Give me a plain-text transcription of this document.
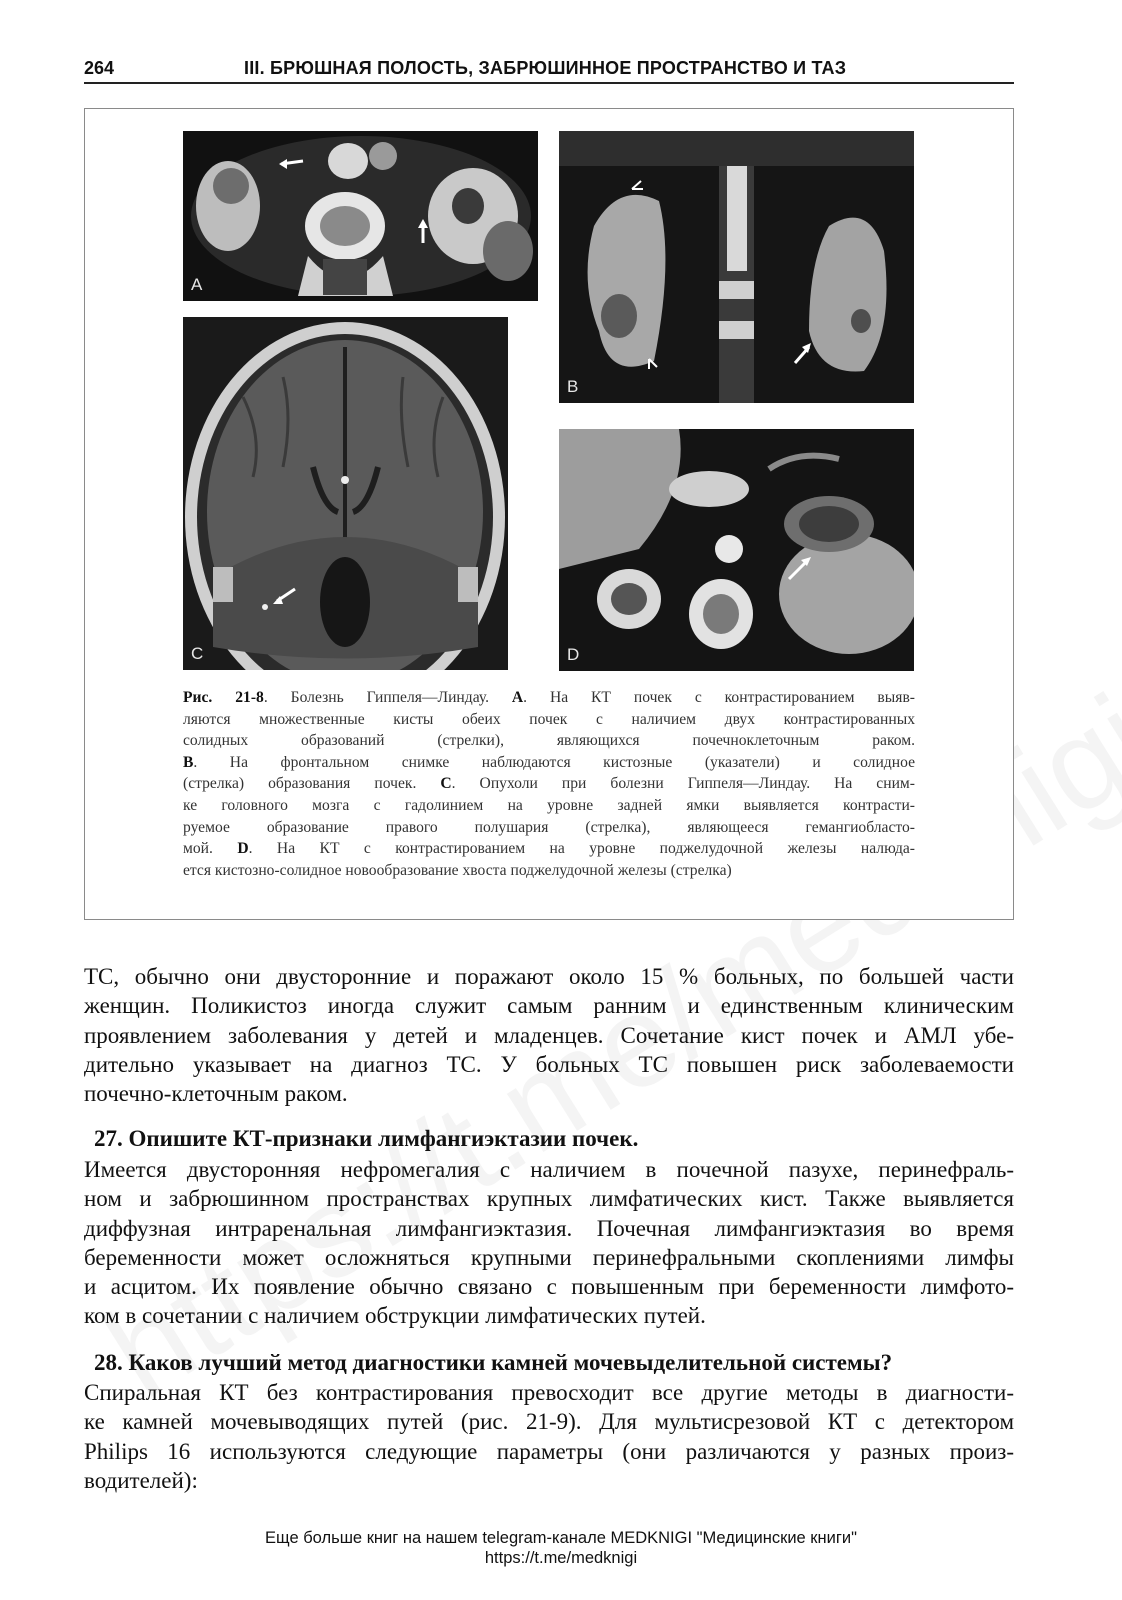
264	III. БРЮШНАЯ ПОЛОСТЬ, ЗАБРЮШИННОЕ ПРОСТРАНСТВО И ТАЗ
A
B
C	D
Рис. 21-8. Болезнь Гиппеля—Линдау. A. На КТ почек с контрастированием выяв-
ляются множественные кисты обеих почек с наличием двух контрастированных
солидных образований (стрелки), являющихся почечноклеточным раком.
B. На фронтальном снимке наблюдаются кистозные (указатели) и солидное
(стрелка) образования почек. C. Опухоли при болезни Гиппеля—Линдау. На сним-
ке головного мозга с гадолинием на уровне задней ямки выявляется контрасти-
руемое образование правого полушария (стрелка), являющееся гемангиобласто-
мой. D. На КТ с контрастированием на уровне поджелудочной железы налюда-
ется кистозно-солидное новообразование хвоста поджелудочной железы (стрелка)
ТС, обычно они двусторонние и поражают около 15 % больных, по большей части
женщин. Поликистоз иногда служит самым ранним и единственным клиническим
проявлением заболевания у детей и младенцев. Сочетание кист почек и АМЛ убе-
дительно указывает на диагноз ТС. У больных ТС повышен риск заболеваемости
почечно-клеточным раком.
27. Опишите КТ-признаки лимфангиэктазии почек.
Имеется двусторонняя нефромегалия с наличием в почечной пазухе, перинефраль-
ном и забрюшинном пространствах крупных лимфатических кист. Также выявляется
диффузная интраренальная лимфангиэктазия. Почечная лимфангиэктазия во время
беременности может осложняться крупными перинефральными скоплениями лимфы
и асцитом. Их появление обычно связано с повышенным при беременности лимфото-
ком в сочетании с наличием обструкции лимфатических путей.
28. Каков лучший метод диагностики камней мочевыделительной системы?
Спиральная КТ без контрастирования превосходит все другие методы в диагности-
ке камней мочевыводящих путей (рис. 21-9). Для мультисрезовой КТ с детектором
Philips 16 используются следующие параметры (они различаются у разных произ-
водителей):
Еще больше книг на нашем telegram-канале MEDKNIGI "Медицинские книги"
https://t.me/medknigi
